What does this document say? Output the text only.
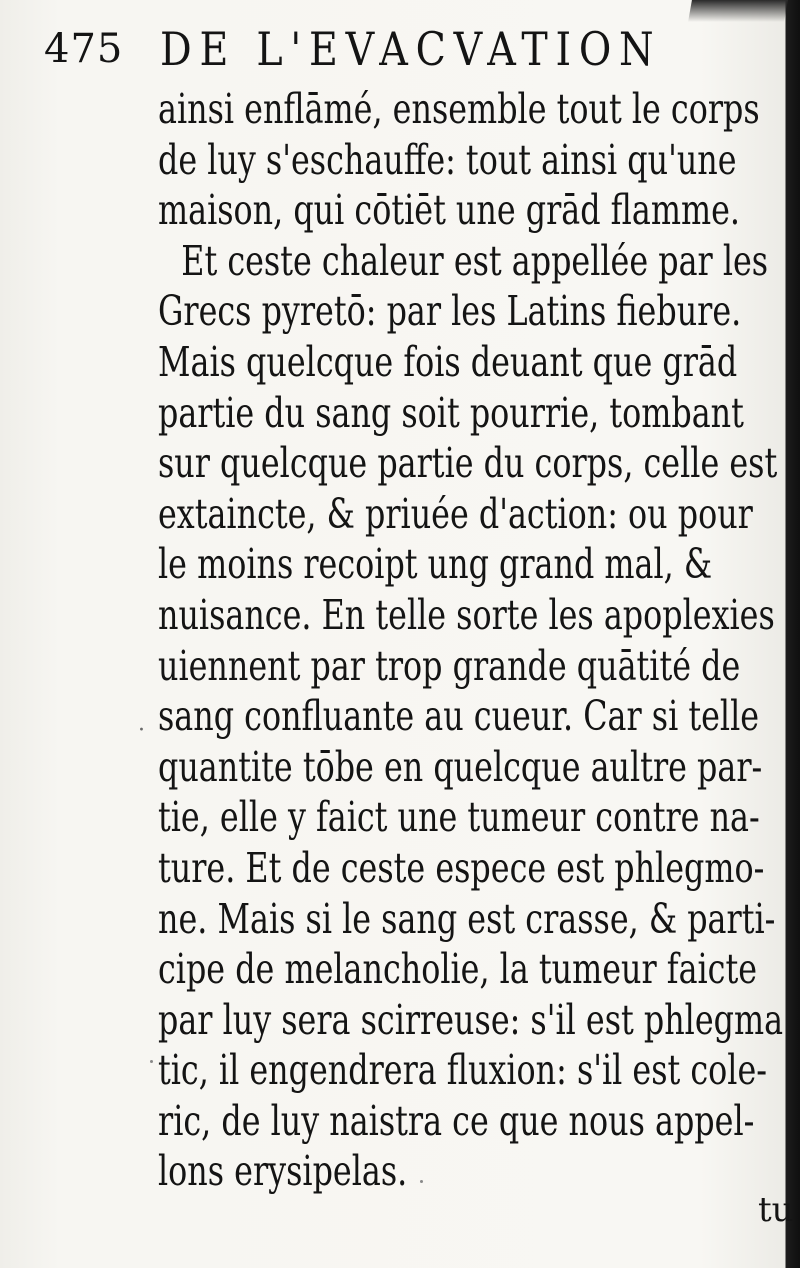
475 DE L'EVACVATION
ainsi enflāmé, ensemble tout le corps
de luy s'eschauffe: tout ainsi qu'une
maison, qui cōtiēt une grād flamme.
Et ceste chaleur est appellée par les
Grecs pyretō: par les Latins fiebure.
Mais quelcque fois deuant que grād
partie du sang soit pourrie, tombant
sur quelcque partie du corps, celle est
extaincte, & priuée d'action: ou pour
le moins recoipt ung grand mal, &
nuisance. En telle sorte les apoplexies
uiennent par trop grande quātité de
sang confluante au cueur. Car si telle
quantite tōbe en quelcque aultre par-
tie, elle y faict une tumeur contre na-
ture. Et de ceste espece est phlegmo-
ne. Mais si le sang est crasse, & parti-
cipe de melancholie, la tumeur faicte
par luy sera scirreuse: s'il est phlegma
tic, il engendrera fluxion: s'il est cole-
ric, de luy naistra ce que nous appel-
lons erysipelas.
·
tu
